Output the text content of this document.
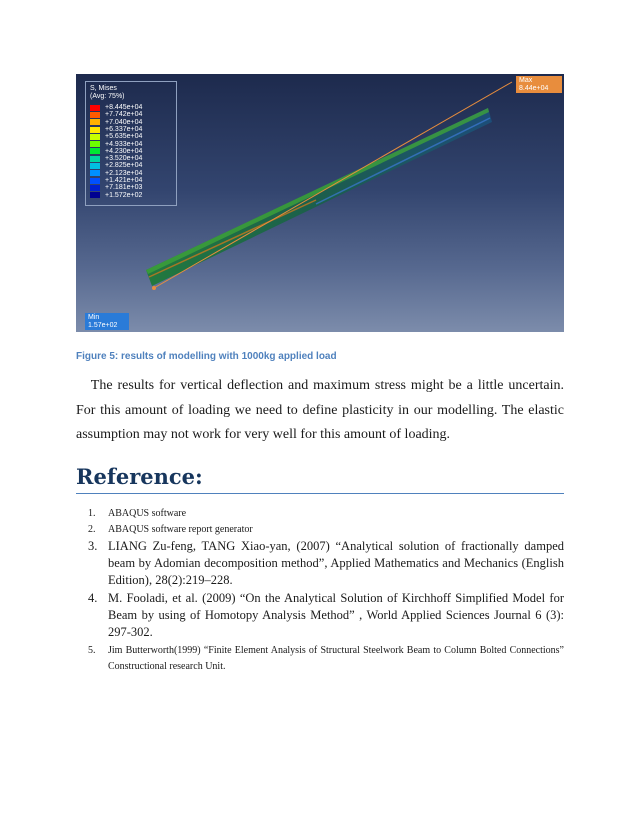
S, Mises
(Avg: 75%)
+8.445e+04
+7.742e+04
+7.040e+04
+6.337e+04
+5.635e+04
+4.933e+04
+4.230e+04
+3.520e+04
+2.825e+04
+2.123e+04
+1.421e+04
+7.181e+03
+1.572e+02
Max
8.44e+04
Min
1.57e+02
Figure 5: results of modelling with 1000kg applied load

The results for vertical deflection and maximum stress might be a little uncertain. For this amount of loading we need to define plasticity in our modelling. The elastic assumption may not work for very well for this amount of loading.

Reference:
1. ABAQUS software
2. ABAQUS software report generator
3. LIANG Zu-feng, TANG Xiao-yan, (2007) “Analytical solution of fractionally damped beam by Adomian decomposition method”, Applied Mathematics and Mechanics (English Edition), 28(2):219–228.
4. M. Fooladi, et al. (2009) “On the Analytical Solution of Kirchhoff Simplified Model for Beam by using of Homotopy Analysis Method” , World Applied Sciences Journal 6 (3): 297-302.
5. Jim Butterworth(1999) “Finite Element Analysis of Structural Steelwork Beam to Column Bolted Connections” Constructional research Unit.
